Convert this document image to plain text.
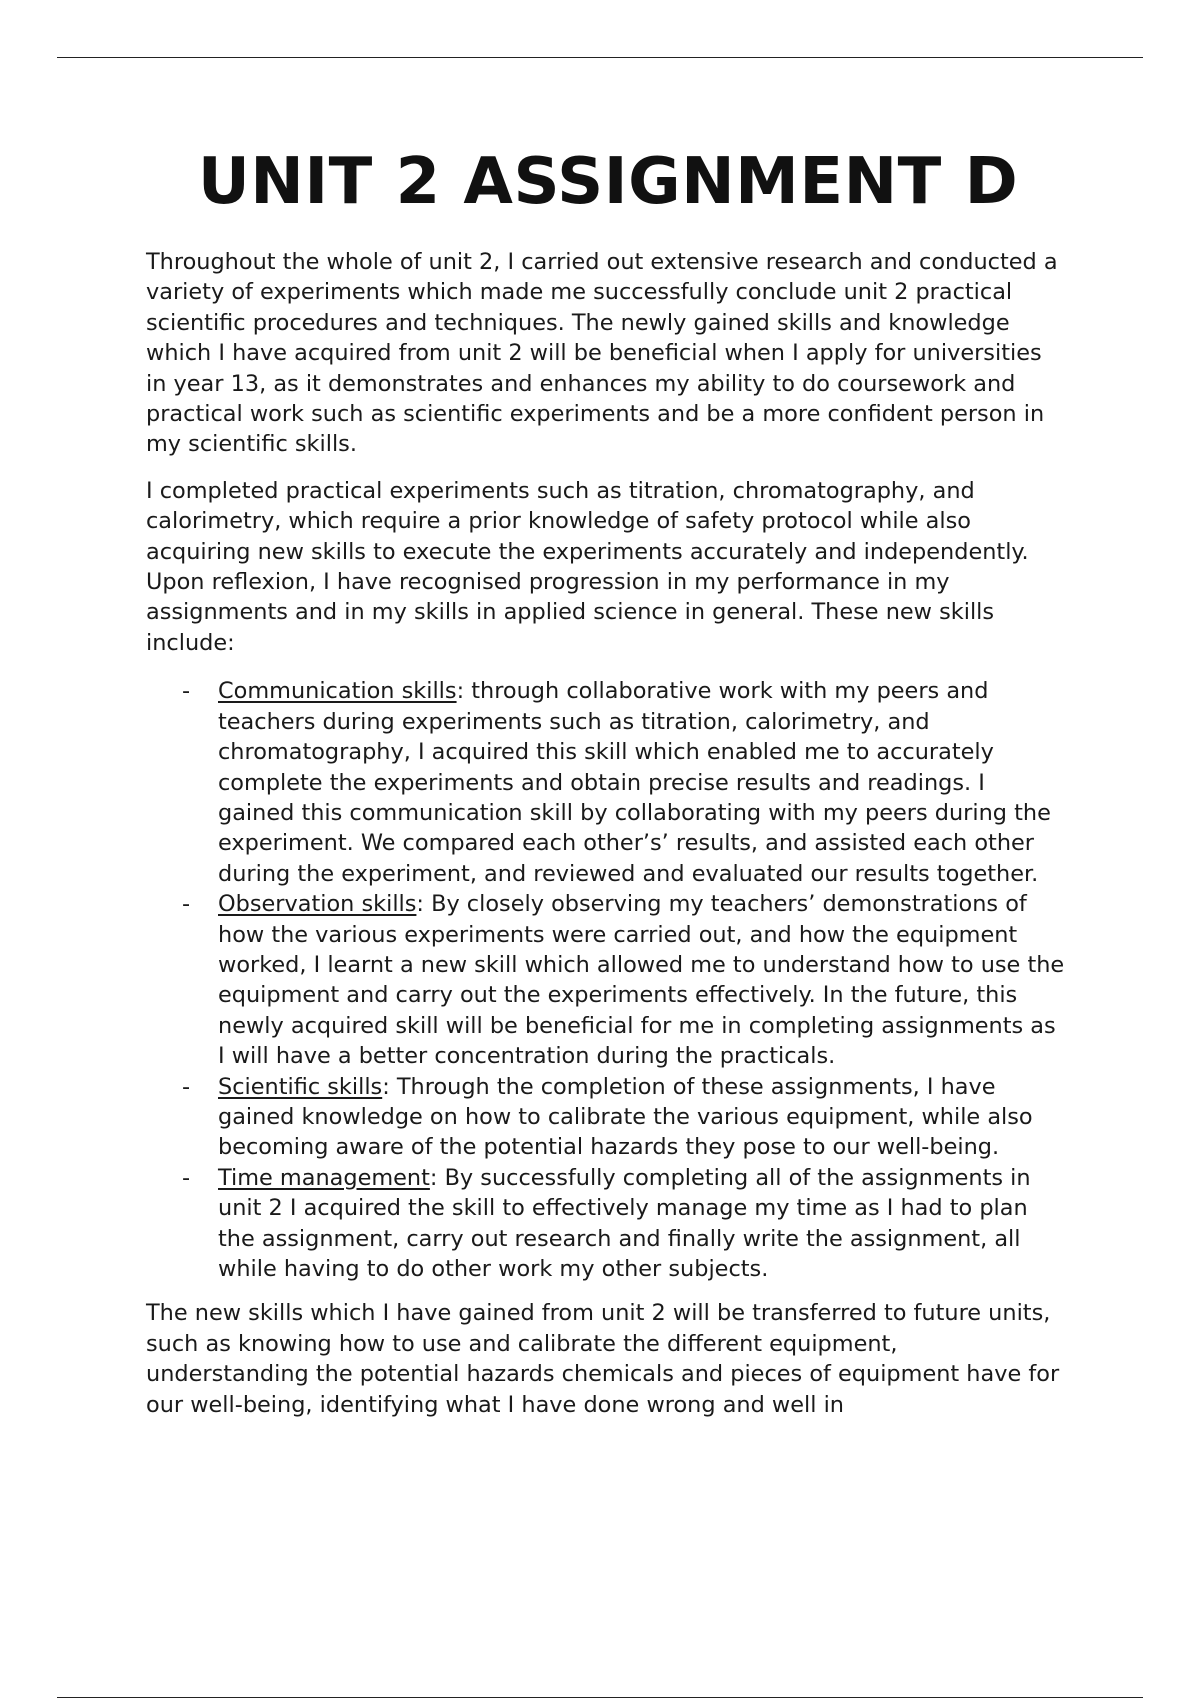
UNIT 2 ASSIGNMENT D

Throughout the whole of unit 2, I carried out extensive research and conducted a variety of experiments which made me successfully conclude unit 2 practical scientific procedures and techniques. The newly gained skills and knowledge which I have acquired from unit 2 will be beneficial when I apply for universities in year 13, as it demonstrates and enhances my ability to do coursework and practical work such as scientific experiments and be a more confident person in my scientific skills.

I completed practical experiments such as titration, chromatography, and calorimetry, which require a prior knowledge of safety protocol while also acquiring new skills to execute the experiments accurately and independently. Upon reflexion, I have recognised progression in my performance in my assignments and in my skills in applied science in general. These new skills include:

- Communication skills: through collaborative work with my peers and teachers during experiments such as titration, calorimetry, and chromatography, I acquired this skill which enabled me to accurately complete the experiments and obtain precise results and readings. I gained this communication skill by collaborating with my peers during the experiment. We compared each other’s’ results, and assisted each other during the experiment, and reviewed and evaluated our results together.
- Observation skills: By closely observing my teachers’ demonstrations of how the various experiments were carried out, and how the equipment worked, I learnt a new skill which allowed me to understand how to use the equipment and carry out the experiments effectively. In the future, this newly acquired skill will be beneficial for me in completing assignments as I will have a better concentration during the practicals.
- Scientific skills: Through the completion of these assignments, I have gained knowledge on how to calibrate the various equipment, while also becoming aware of the potential hazards they pose to our well-being.
- Time management: By successfully completing all of the assignments in unit 2 I acquired the skill to effectively manage my time as I had to plan the assignment, carry out research and finally write the assignment, all while having to do other work my other subjects.

The new skills which I have gained from unit 2 will be transferred to future units, such as knowing how to use and calibrate the different equipment, understanding the potential hazards chemicals and pieces of equipment have for our well-being, identifying what I have done wrong and well in
